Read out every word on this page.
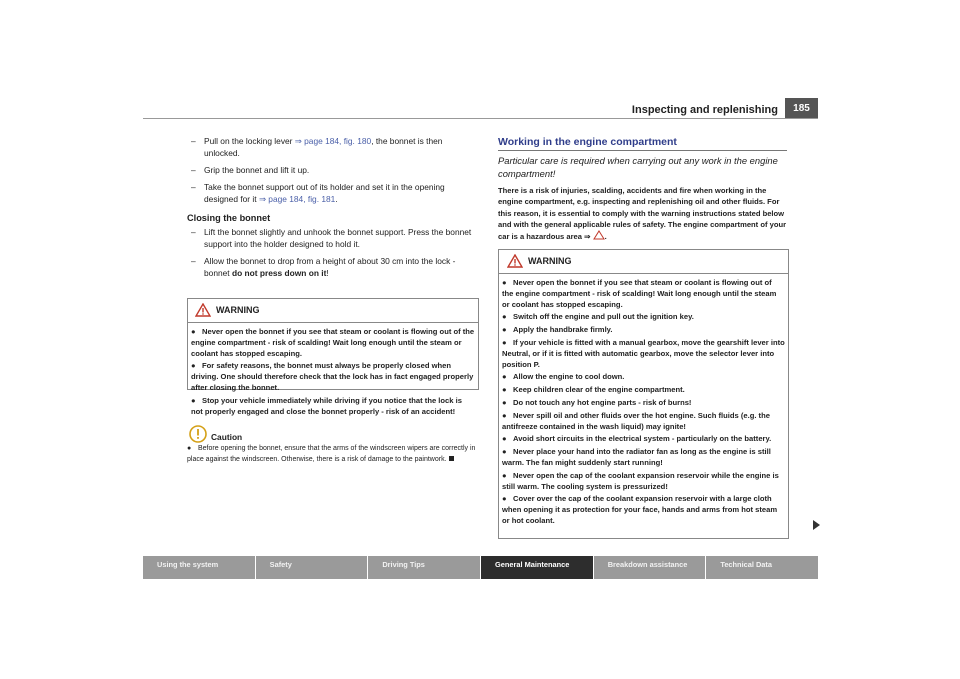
Inspecting and replenishing	185
– Pull on the locking lever ⇒ page 184, fig. 180, the bonnet is then unlocked.
– Grip the bonnet and lift it up.
– Take the bonnet support out of its holder and set it in the opening designed for it ⇒ page 184, fig. 181.
Closing the bonnet
– Lift the bonnet slightly and unhook the bonnet support. Press the bonnet support into the holder designed to hold it.
– Allow the bonnet to drop from a height of about 30 cm into the lock - bonnet do not press down on it!
WARNING
● Never open the bonnet if you see that steam or coolant is flowing out of the engine compartment - risk of scalding! Wait long enough until the steam or coolant has stopped escaping.
● For safety reasons, the bonnet must always be properly closed when driving. One should therefore check that the lock has in fact engaged properly after closing the bonnet.
● Stop your vehicle immediately while driving if you notice that the lock is not properly engaged and close the bonnet properly - risk of an accident!
Caution
● Before opening the bonnet, ensure that the arms of the windscreen wipers are correctly in place against the windscreen. Otherwise, there is a risk of damage to the paintwork.
Working in the engine compartment
Particular care is required when carrying out any work in the engine compartment!
There is a risk of injuries, scalding, accidents and fire when working in the engine compartment, e.g. inspecting and replenishing oil and other fluids. For this reason, it is essential to comply with the warning instructions stated below and with the general applicable rules of safety. The engine compartment of your car is a hazardous area ⇒ .
WARNING
● Never open the bonnet if you see that steam or coolant is flowing out of the engine compartment - risk of scalding! Wait long enough until the steam or coolant has stopped escaping.
● Switch off the engine and pull out the ignition key.
● Apply the handbrake firmly.
● If your vehicle is fitted with a manual gearbox, move the gearshift lever into Neutral, or if it is fitted with automatic gearbox, move the selector lever into position P.
● Allow the engine to cool down.
● Keep children clear of the engine compartment.
● Do not touch any hot engine parts - risk of burns!
● Never spill oil and other fluids over the hot engine. Such fluids (e.g. the antifreeze contained in the wash liquid) may ignite!
● Avoid short circuits in the electrical system - particularly on the battery.
● Never place your hand into the radiator fan as long as the engine is still warm. The fan might suddenly start running!
● Never open the cap of the coolant expansion reservoir while the engine is still warm. The cooling system is pressurized!
● Cover over the cap of the coolant expansion reservoir with a large cloth when opening it as protection for your face, hands and arms from hot steam or hot coolant.
Using the system	Safety	Driving Tips	General Maintenance	Breakdown assistance	Technical Data
